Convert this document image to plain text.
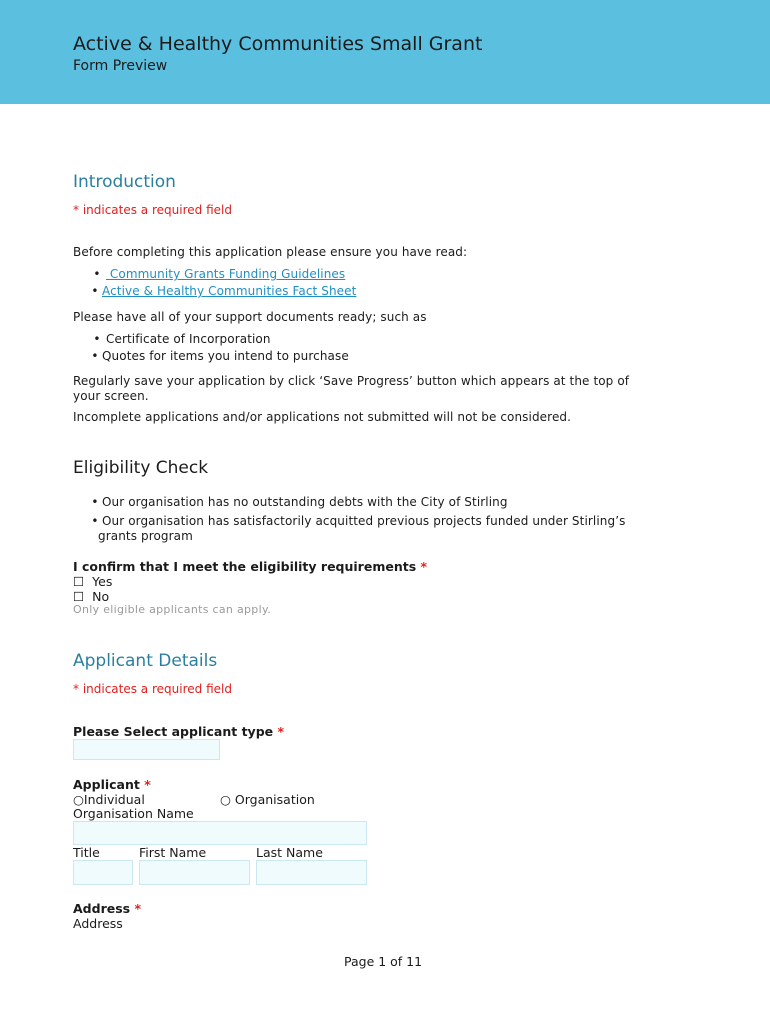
Active & Healthy Communities Small Grant
Form Preview
Introduction
* indicates a required field
Before completing this application please ensure you have read:
• Community Grants Funding Guidelines
• Active & Healthy Communities Fact Sheet
Please have all of your support documents ready; such as
• Certificate of Incorporation
• Quotes for items you intend to purchase
Regularly save your application by click ‘Save Progress’ button which appears at the top of
your screen.
Incomplete applications and/or applications not submitted will not be considered.
Eligibility Check
• Our organisation has no outstanding debts with the City of Stirling
• Our organisation has satisfactorily acquitted previous projects funded under Stirling’s
grants program
I confirm that I meet the eligibility requirements *
☐ Yes
☐ No
Only eligible applicants can apply.
Applicant Details
* indicates a required field
Please Select applicant type *
Applicant *
○Individual	○ Organisation
Organisation Name
Title	First Name	Last Name
Address *
Address
Page 1 of 11
